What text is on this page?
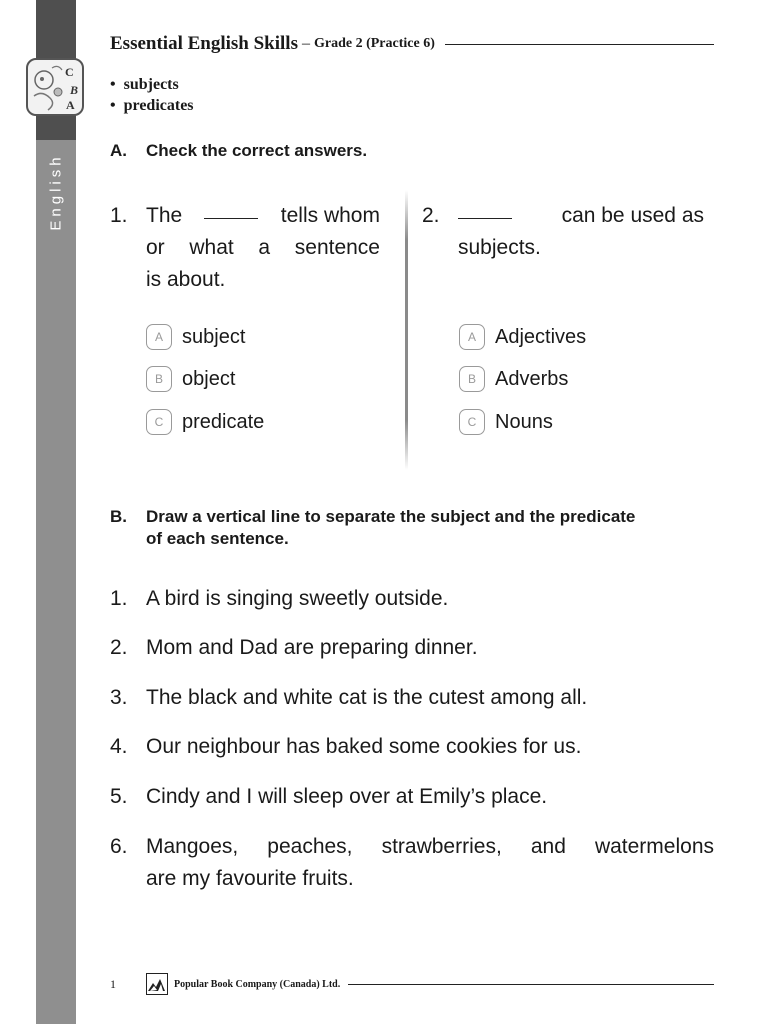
English
C
B
A
Essential English Skills – Grade 2 (Practice 6)
• subjects
• predicates
A. Check the correct answers.
1. The	tells whom
or what a sentence
is about.
A subject
B object
C predicate
2.	can be used as
subjects.
A Adjectives
B Adverbs
C Nouns
B. Draw a vertical line to separate the subject and the predicate
of each sentence.
1. A bird is singing sweetly outside.
2. Mom and Dad are preparing dinner.
3. The black and white cat is the cutest among all.
4. Our neighbour has baked some cookies for us.
5. Cindy and I will sleep over at Emily’s place.
6. Mangoes, peaches, strawberries, and watermelons
are my favourite fruits.
1	Popular Book Company (Canada) Ltd.
